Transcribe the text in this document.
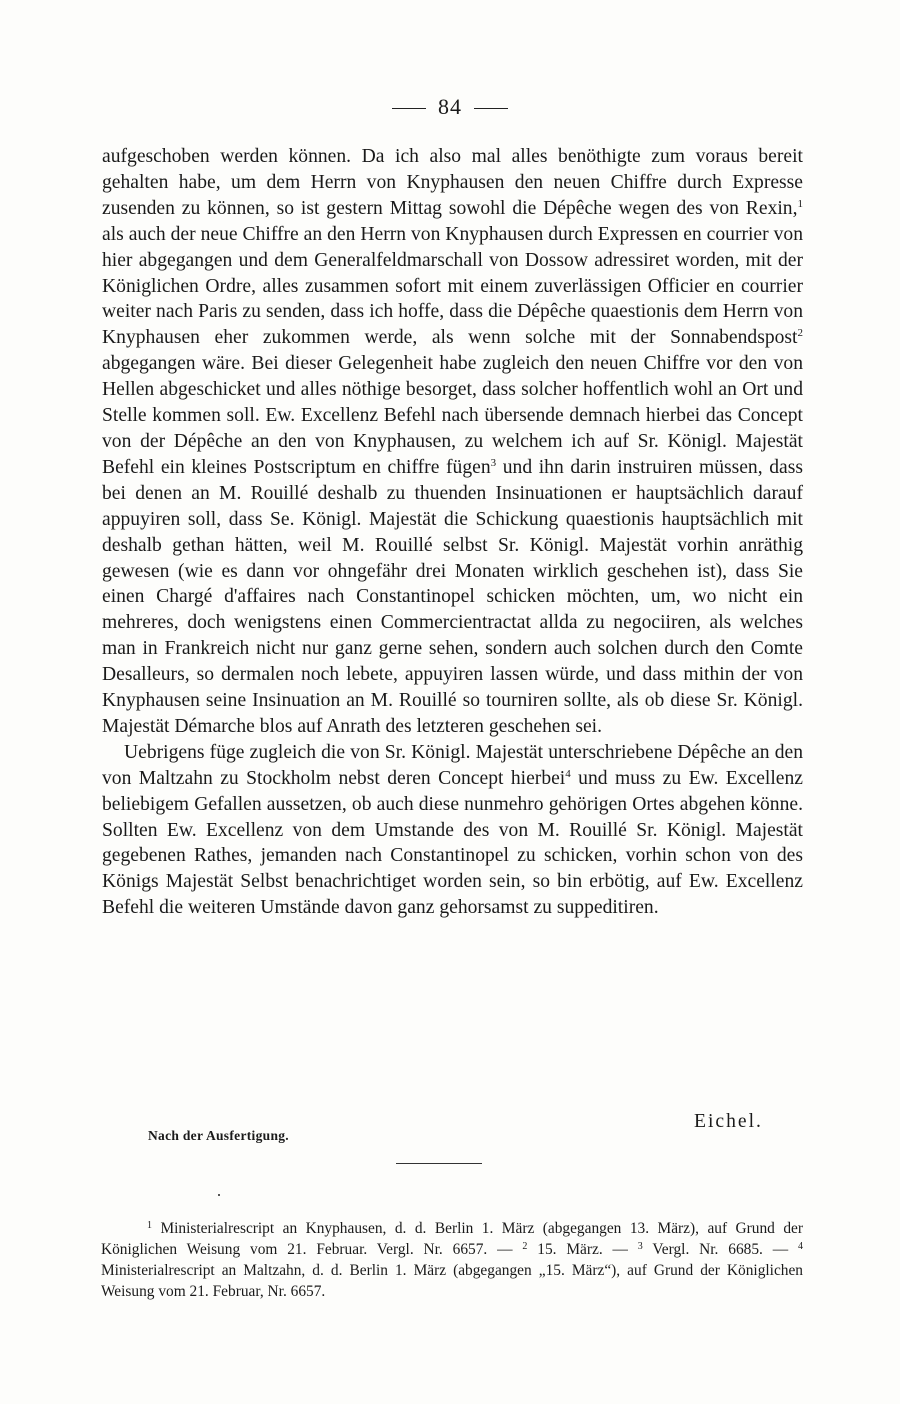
84

aufgeschoben werden können. Da ich also mal alles benöthigte zum voraus bereit gehalten habe, um dem Herrn von Knyphausen den neuen Chiffre durch Expresse zusenden zu können, so ist gestern Mittag sowohl die Dépêche wegen des von Rexin,$^1$ als auch der neue Chiffre an den Herrn von Knyphausen durch Expressen en courrier von hier abgegangen und dem Generalfeldmarschall von Dossow adressiret worden, mit der Königlichen Ordre, alles zusammen sofort mit einem zuverlässigen Officier en courrier weiter nach Paris zu senden, dass ich hoffe, dass die Dépêche quaestionis dem Herrn von Knyphausen eher zukommen werde, als wenn solche mit der Sonnabendspost$^2$ abgegangen wäre. Bei dieser Gelegenheit habe zugleich den neuen Chiffre vor den von Hellen abgeschicket und alles nöthige besorget, dass solcher hoffentlich wohl an Ort und Stelle kommen soll. Ew. Excellenz Befehl nach übersende demnach hierbei das Concept von der Dépêche an den von Knyphausen, zu welchem ich auf Sr. Königl. Majestät Befehl ein kleines Postscriptum en chiffre fügen$^3$ und ihn darin instruiren müssen, dass bei denen an M. Rouillé deshalb zu thuenden Insinuationen er hauptsächlich darauf appuyiren soll, dass Se. Königl. Majestät die Schickung quaestionis hauptsächlich mit deshalb gethan hätten, weil M. Rouillé selbst Sr. Königl. Majestät vorhin anräthig gewesen (wie es dann vor ohngefähr drei Monaten wirklich geschehen ist), dass Sie einen Chargé d'affaires nach Constantinopel schicken möchten, um, wo nicht ein mehreres, doch wenigstens einen Commercientractat allda zu negociiren, als welches man in Frankreich nicht nur ganz gerne sehen, sondern auch solchen durch den Comte Desalleurs, so dermalen noch lebete, appuyiren lassen würde, und dass mithin der von Knyphausen seine Insinuation an M. Rouillé so tourniren sollte, als ob diese Sr. Königl. Majestät Démarche blos auf Anrath des letzteren geschehen sei.

Uebrigens füge zugleich die von Sr. Königl. Majestät unterschriebene Dépêche an den von Maltzahn zu Stockholm nebst deren Concept hierbei$^4$ und muss zu Ew. Excellenz beliebigem Gefallen aussetzen, ob auch diese nunmehro gehörigen Ortes abgehen könne. Sollten Ew. Excellenz von dem Umstande des von M. Rouillé Sr. Königl. Majestät gegebenen Rathes, jemanden nach Constantinopel zu schicken, vorhin schon von des Königs Majestät Selbst benachrichtiget worden sein, so bin erbötig, auf Ew. Excellenz Befehl die weiteren Umstände davon ganz gehorsamst zu suppeditiren.

Eichel.
Nach der Ausfertigung.

$^1$ Ministerialrescript an Knyphausen, d. d. Berlin 1. März (abgegangen 13. März), auf Grund der Königlichen Weisung vom 21. Februar. Vergl. Nr. 6657. — $^2$ 15. März. — $^3$ Vergl. Nr. 6685. — $^4$ Ministerialrescript an Maltzahn, d. d. Berlin 1. März (abgegangen „15. März“), auf Grund der Königlichen Weisung vom 21. Februar, Nr. 6657.
